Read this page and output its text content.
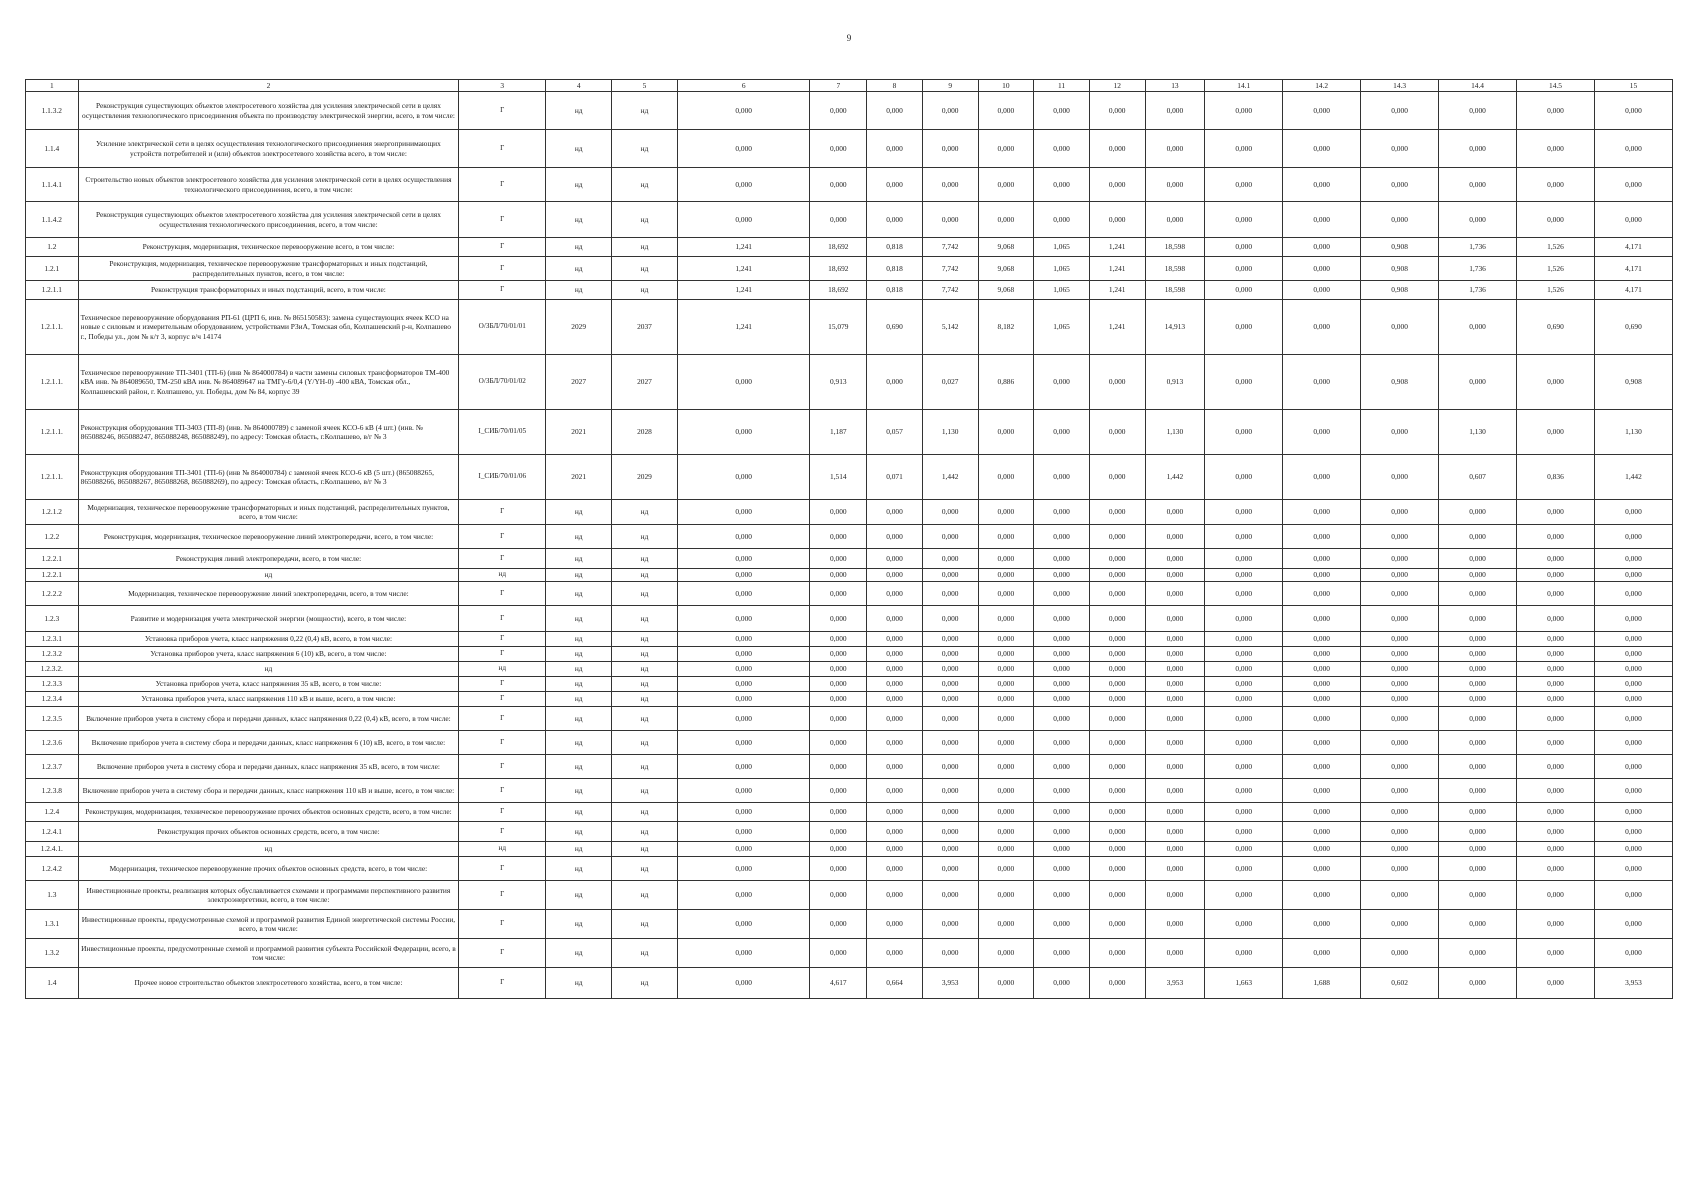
9
1	2	3	4	5	6	7	8	9	10	11	12	13	14.1	14.2	14.3	14.4	14.5	15
1.1.3.2	Реконструкция существующих объектов электросетевого хозяйства для усиления электрической сети в целях осуществления технологического присоединения объекта по производству электрической энергии, всего, в том числе:	Г	нд	нд	0,000	0,000	0,000	0,000	0,000	0,000	0,000	0,000	0,000	0,000	0,000	0,000	0,000	0,000
1.1.4	Усиление электрической сети в целях осуществления технологического присоединения энергопринимающих устройств потребителей и (или) объектов электросетевого хозяйства всего, в том числе:	Г	нд	нд	0,000	0,000	0,000	0,000	0,000	0,000	0,000	0,000	0,000	0,000	0,000	0,000	0,000	0,000
1.1.4.1	Строительство новых объектов электросетевого хозяйства для усиления электрической сети в целях осуществления технологического присоединения, всего, в том числе:	Г	нд	нд	0,000	0,000	0,000	0,000	0,000	0,000	0,000	0,000	0,000	0,000	0,000	0,000	0,000	0,000
1.1.4.2	Реконструкция существующих объектов электросетевого хозяйства для усиления электрической сети в целях осуществления технологического присоединения, всего, в том числе:	Г	нд	нд	0,000	0,000	0,000	0,000	0,000	0,000	0,000	0,000	0,000	0,000	0,000	0,000	0,000	0,000
1.2	Реконструкция, модернизация, техническое перевооружение всего, в том числе:	Г	нд	нд	1,241	18,692	0,818	7,742	9,068	1,065	1,241	18,598	0,000	0,000	0,908	1,736	1,526	4,171
1.2.1	Реконструкция, модернизация, техническое перевооружение трансформаторных и иных подстанций, распределительных пунктов, всего, в том числе:	Г	нд	нд	1,241	18,692	0,818	7,742	9,068	1,065	1,241	18,598	0,000	0,000	0,908	1,736	1,526	4,171
1.2.1.1	Реконструкция трансформаторных и иных подстанций, всего, в том числе:	Г	нд	нд	1,241	18,692	0,818	7,742	9,068	1,065	1,241	18,598	0,000	0,000	0,908	1,736	1,526	4,171
1.2.1.1.	Техническое перевооружение оборудования РП-61 (ЦРП 6, инв. № 865150583): замена существующих ячеек КСО на новые с силовым и измерительным оборудованием, устройствами РЗиА, Томская обл, Колпашевский р-н, Колпашево г., Победы ул., дом № к/т 3, корпус в/ч 14174	О/ЗБЛ/70/01/01	2029	2037	1,241	15,079	0,690	5,142	8,182	1,065	1,241	14,913	0,000	0,000	0,000	0,000	0,690	0,690
1.2.1.1.	Техническое перевооружение ТП-3401 (ТП-6) (инв № 864000784) в части замены силовых трансформаторов ТМ-400 кВА инв. № 864089650, ТМ-250 кВА инв. № 864089647 на ТМГу-6/0,4 (Y/YН-0) -400 кВА, Томская обл., Колпашевский район, г. Колпашево, ул. Победы, дом № 84, корпус 39	О/ЗБЛ/70/01/02	2027	2027	0,000	0,913	0,000	0,027	0,886	0,000	0,000	0,913	0,000	0,000	0,908	0,000	0,000	0,908
1.2.1.1.	Реконструкция оборудования ТП-3403 (ТП-8) (инв. № 864000789) с заменой ячеек КСО-6 кВ (4 шт.) (инв. № 865088246, 865088247, 865088248, 865088249), по адресу: Томская область, г.Колпашево, в/г № 3	I_СИБ/70/01/05	2021	2028	0,000	1,187	0,057	1,130	0,000	0,000	0,000	1,130	0,000	0,000	0,000	1,130	0,000	1,130
1.2.1.1.	Реконструкция оборудования ТП-3401 (ТП-6) (инв № 864000784) с заменой ячеек КСО-6 кВ (5 шт.) (865088265, 865088266, 865088267, 865088268, 865088269), по адресу: Томская область, г.Колпашево, в/г № 3	I_СИБ/70/01/06	2021	2029	0,000	1,514	0,071	1,442	0,000	0,000	0,000	1,442	0,000	0,000	0,000	0,607	0,836	1,442
1.2.1.2	Модернизация, техническое перевооружение трансформаторных и иных подстанций, распределительных пунктов, всего, в том числе:	Г	нд	нд	0,000	0,000	0,000	0,000	0,000	0,000	0,000	0,000	0,000	0,000	0,000	0,000	0,000	0,000
1.2.2	Реконструкция, модернизация, техническое перевооружение линий электропередачи, всего, в том числе:	Г	нд	нд	0,000	0,000	0,000	0,000	0,000	0,000	0,000	0,000	0,000	0,000	0,000	0,000	0,000	0,000
1.2.2.1	Реконструкция линий электропередачи, всего, в том числе:	Г	нд	нд	0,000	0,000	0,000	0,000	0,000	0,000	0,000	0,000	0,000	0,000	0,000	0,000	0,000	0,000
1.2.2.1	нд	нд	нд	нд	0,000	0,000	0,000	0,000	0,000	0,000	0,000	0,000	0,000	0,000	0,000	0,000	0,000	0,000
1.2.2.2	Модернизация, техническое перевооружение линий электропередачи, всего, в том числе:	Г	нд	нд	0,000	0,000	0,000	0,000	0,000	0,000	0,000	0,000	0,000	0,000	0,000	0,000	0,000	0,000
1.2.3	Развитие и модернизация учета электрической энергии (мощности), всего, в том числе:	Г	нд	нд	0,000	0,000	0,000	0,000	0,000	0,000	0,000	0,000	0,000	0,000	0,000	0,000	0,000	0,000
1.2.3.1	Установка приборов учета, класс напряжения 0,22 (0,4) кВ, всего, в том числе:	Г	нд	нд	0,000	0,000	0,000	0,000	0,000	0,000	0,000	0,000	0,000	0,000	0,000	0,000	0,000	0,000
1.2.3.2	Установка приборов учета, класс напряжения 6 (10) кВ, всего, в том числе:	Г	нд	нд	0,000	0,000	0,000	0,000	0,000	0,000	0,000	0,000	0,000	0,000	0,000	0,000	0,000	0,000
1.2.3.2.	нд	нд	нд	нд	0,000	0,000	0,000	0,000	0,000	0,000	0,000	0,000	0,000	0,000	0,000	0,000	0,000	0,000
1.2.3.3	Установка приборов учета, класс напряжения 35 кВ, всего, в том числе:	Г	нд	нд	0,000	0,000	0,000	0,000	0,000	0,000	0,000	0,000	0,000	0,000	0,000	0,000	0,000	0,000
1.2.3.4	Установка приборов учета, класс напряжения 110 кВ и выше, всего, в том числе:	Г	нд	нд	0,000	0,000	0,000	0,000	0,000	0,000	0,000	0,000	0,000	0,000	0,000	0,000	0,000	0,000
1.2.3.5	Включение приборов учета в систему сбора и передачи данных, класс напряжения 0,22 (0,4) кВ, всего, в том числе:	Г	нд	нд	0,000	0,000	0,000	0,000	0,000	0,000	0,000	0,000	0,000	0,000	0,000	0,000	0,000	0,000
1.2.3.6	Включение приборов учета в систему сбора и передачи данных, класс напряжения 6 (10) кВ, всего, в том числе:	Г	нд	нд	0,000	0,000	0,000	0,000	0,000	0,000	0,000	0,000	0,000	0,000	0,000	0,000	0,000	0,000
1.2.3.7	Включение приборов учета в систему сбора и передачи данных, класс напряжения 35 кВ, всего, в том числе:	Г	нд	нд	0,000	0,000	0,000	0,000	0,000	0,000	0,000	0,000	0,000	0,000	0,000	0,000	0,000	0,000
1.2.3.8	Включение приборов учета в систему сбора и передачи данных, класс напряжения 110 кВ и выше, всего, в том числе:	Г	нд	нд	0,000	0,000	0,000	0,000	0,000	0,000	0,000	0,000	0,000	0,000	0,000	0,000	0,000	0,000
1.2.4	Реконструкция, модернизация, техническое перевооружение прочих объектов основных средств, всего, в том числе:	Г	нд	нд	0,000	0,000	0,000	0,000	0,000	0,000	0,000	0,000	0,000	0,000	0,000	0,000	0,000	0,000
1.2.4.1	Реконструкция прочих объектов основных средств, всего, в том числе:	Г	нд	нд	0,000	0,000	0,000	0,000	0,000	0,000	0,000	0,000	0,000	0,000	0,000	0,000	0,000	0,000
1.2.4.1.	нд	нд	нд	нд	0,000	0,000	0,000	0,000	0,000	0,000	0,000	0,000	0,000	0,000	0,000	0,000	0,000	0,000
1.2.4.2	Модернизация, техническое перевооружение прочих объектов основных средств, всего, в том числе:	Г	нд	нд	0,000	0,000	0,000	0,000	0,000	0,000	0,000	0,000	0,000	0,000	0,000	0,000	0,000	0,000
1.3	Инвестиционные проекты, реализация которых обуславливается схемами и программами перспективного развития электроэнергетики, всего, в том числе:	Г	нд	нд	0,000	0,000	0,000	0,000	0,000	0,000	0,000	0,000	0,000	0,000	0,000	0,000	0,000	0,000
1.3.1	Инвестиционные проекты, предусмотренные схемой и программой развития Единой энергетической системы России, всего, в том числе:	Г	нд	нд	0,000	0,000	0,000	0,000	0,000	0,000	0,000	0,000	0,000	0,000	0,000	0,000	0,000	0,000
1.3.2	Инвестиционные проекты, предусмотренные схемой и программой развития субъекта Российской Федерации, всего, в том числе:	Г	нд	нд	0,000	0,000	0,000	0,000	0,000	0,000	0,000	0,000	0,000	0,000	0,000	0,000	0,000	0,000
1.4	Прочее новое строительство объектов электросетевого хозяйства, всего, в том числе:	Г	нд	нд	0,000	4,617	0,664	3,953	0,000	0,000	0,000	3,953	1,663	1,688	0,602	0,000	0,000	3,953
